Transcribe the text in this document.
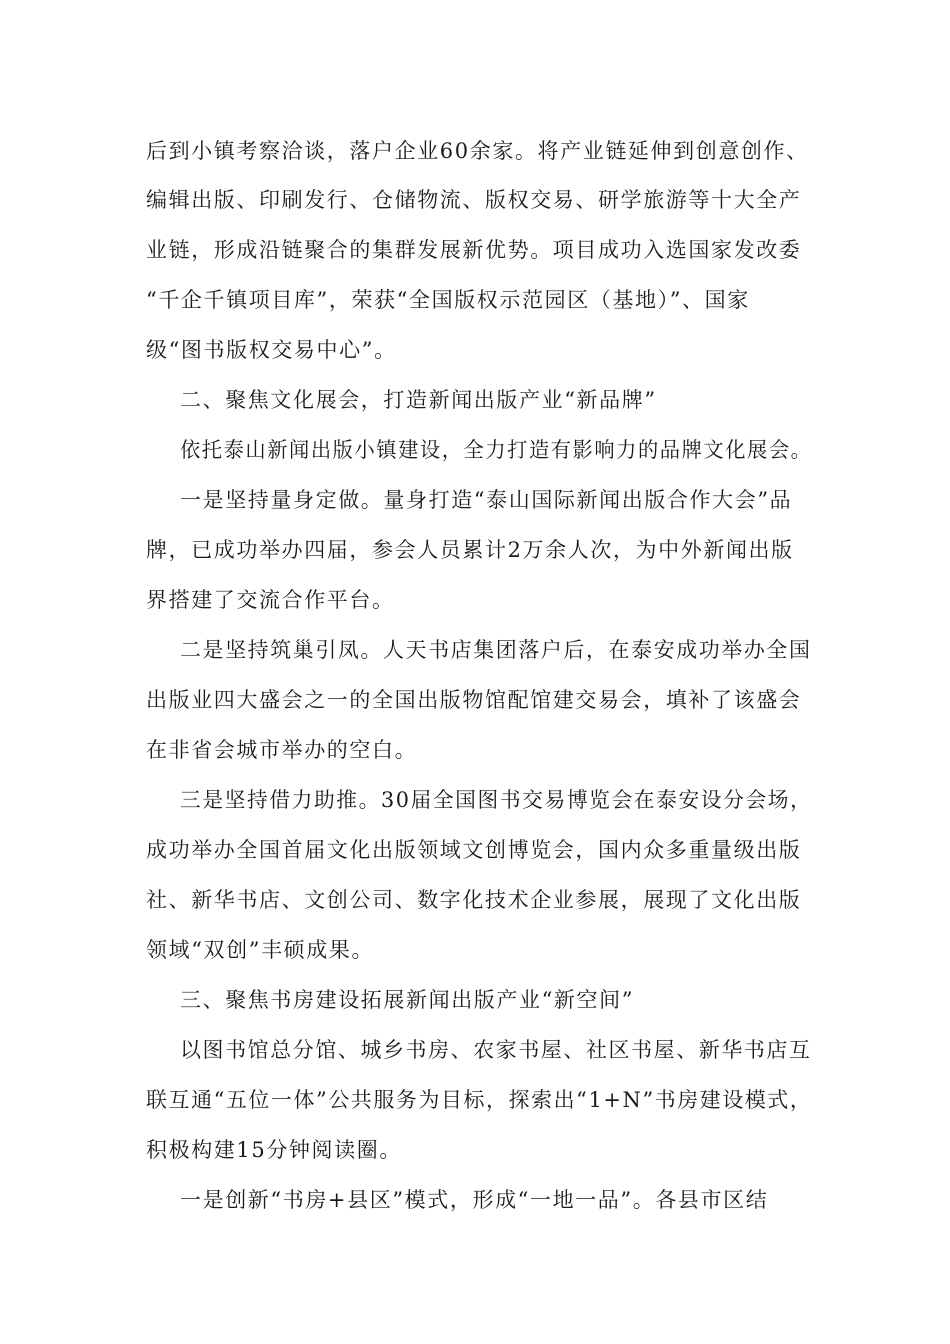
后到小镇考察洽谈，落户企业60余家。将产业链延伸到创意创作、
编辑出版、印刷发行、仓储物流、版权交易、研学旅游等十大全产
业链，形成沿链聚合的集群发展新优势。项目成功入选国家发改委
“千企千镇项目库”，荣获“全国版权示范园区（基地）”、国家
级“图书版权交易中心”。
二、聚焦文化展会，打造新闻出版产业“新品牌”
依托泰山新闻出版小镇建设，全力打造有影响力的品牌文化展会。
一是坚持量身定做。量身打造“泰山国际新闻出版合作大会”品
牌，已成功举办四届，参会人员累计2万余人次，为中外新闻出版
界搭建了交流合作平台。
二是坚持筑巢引凤。人天书店集团落户后，在泰安成功举办全国
出版业四大盛会之一的全国出版物馆配馆建交易会，填补了该盛会
在非省会城市举办的空白。
三是坚持借力助推。30届全国图书交易博览会在泰安设分会场，
成功举办全国首届文化出版领域文创博览会，国内众多重量级出版
社、新华书店、文创公司、数字化技术企业参展，展现了文化出版
领域“双创”丰硕成果。
三、聚焦书房建设拓展新闻出版产业“新空间”
以图书馆总分馆、城乡书房、农家书屋、社区书屋、新华书店互
联互通“五位一体”公共服务为目标，探索出“1+N”书房建设模式，
积极构建15分钟阅读圈。
一是创新“书房+县区”模式，形成“一地一品”。各县市区结
